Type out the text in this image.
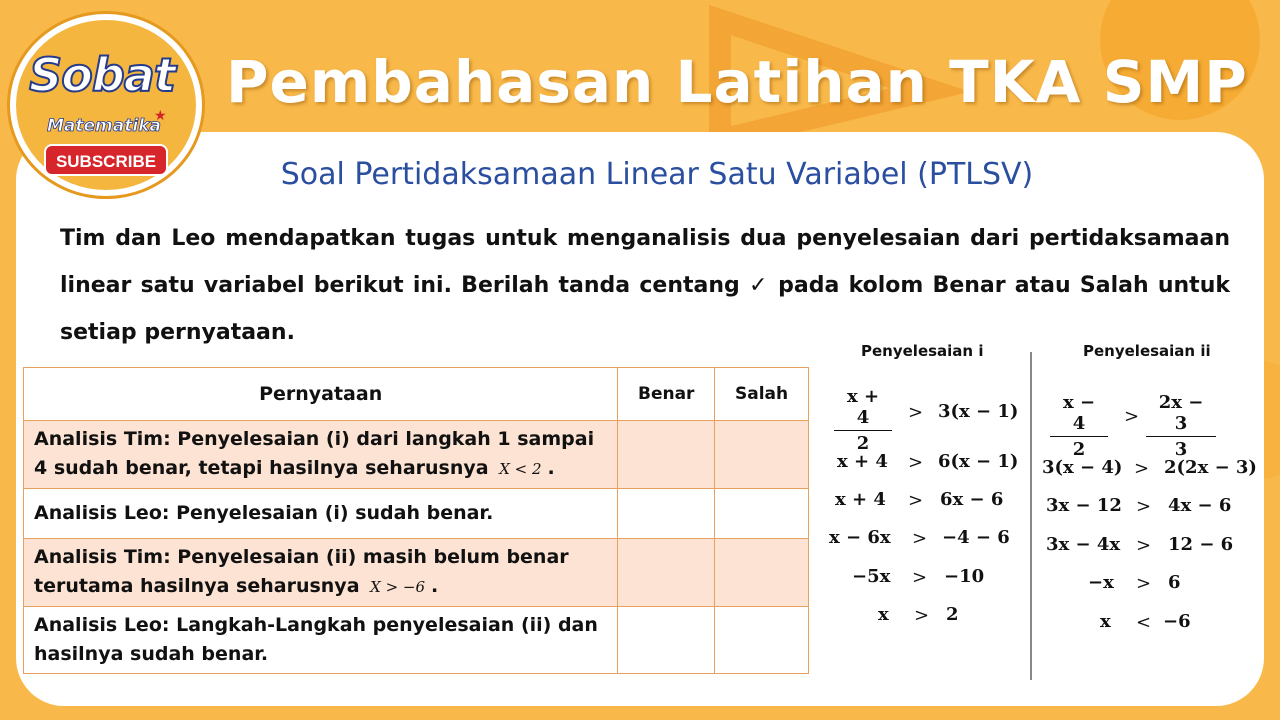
Sobat
Matematika
★
SUBSCRIBE
Pembahasan Latihan TKA SMP
Soal Pertidaksamaan Linear Satu Variabel (PTLSV)
Tim dan Leo mendapatkan tugas untuk menganalisis dua penyelesaian dari pertidaksamaan linear satu variabel berikut ini. Berilah tanda centang ✓ pada kolom Benar atau Salah untuk setiap pernyataan.
Pernyataan	Benar	Salah
Analisis Tim: Penyelesaian (i) dari langkah 1 sampai 4 sudah benar, tetapi hasilnya seharusnya X < 2 .		
Analisis Leo: Penyelesaian (i) sudah benar.		
Analisis Tim: Penyelesaian (ii) masih belum benar terutama hasilnya seharusnya X > −6 .		
Analisis Leo: Langkah-Langkah penyelesaian (ii) dan hasilnya sudah benar.		
Penyelesaian i	Penyelesaian ii
$\frac{x + 4}{2} > 3(x - 1)$
x + 4 > 6(x − 1)
x + 4 > 6x − 6
x − 6x > −4 − 6
−5x > −10
x > 2
$\frac{x - 4}{2} > \frac{2x - 3}{3}$
3(x − 4) > 2(2x − 3)
3x − 12 > 4x − 6
3x − 4x > 12 − 6
−x > 6
x < −6
